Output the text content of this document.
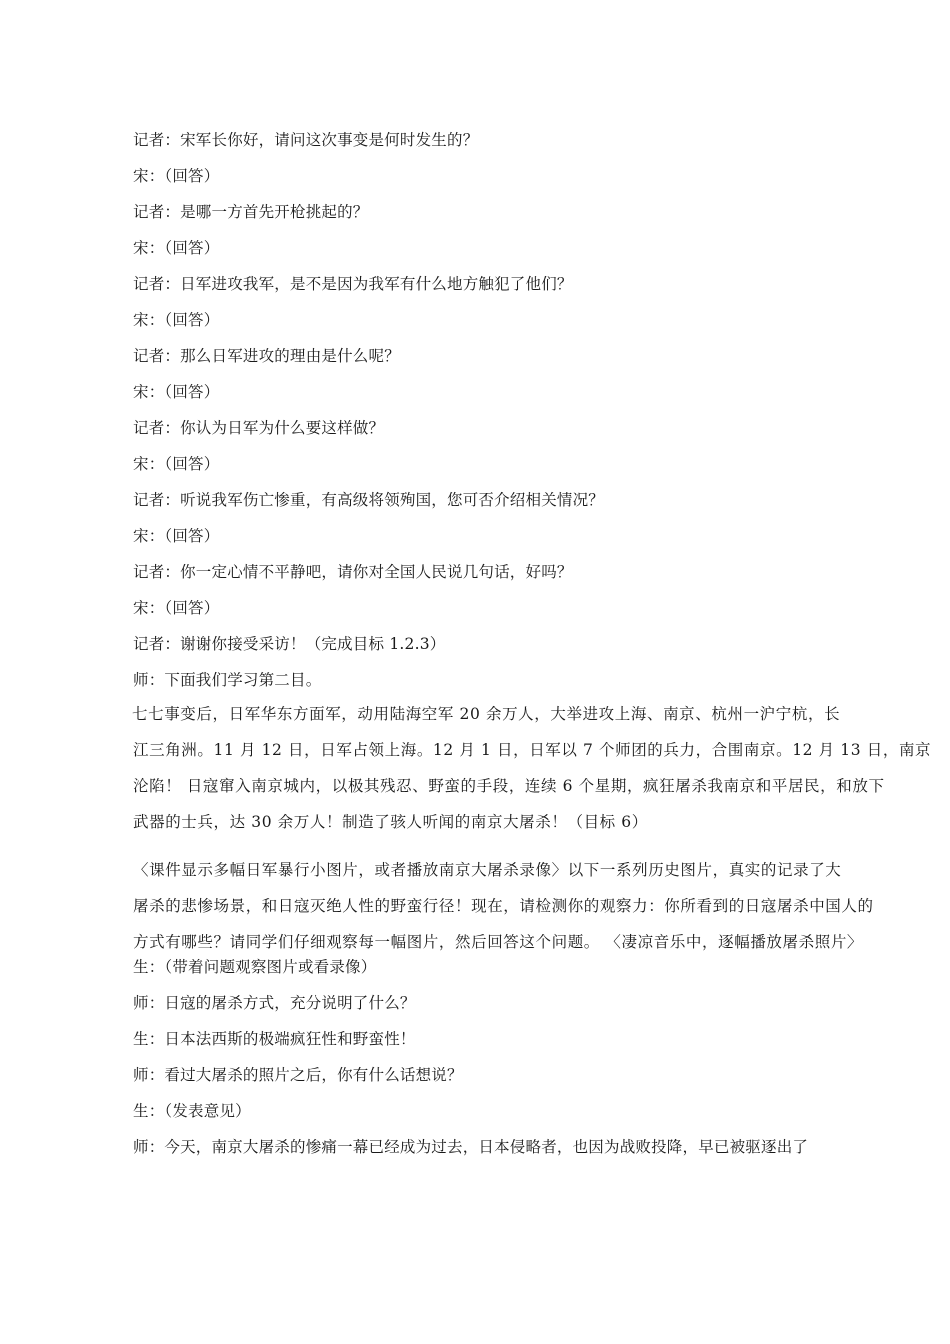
记者：宋军长你好，请问这次事变是何时发生的？
宋：（回答）
记者：是哪一方首先开枪挑起的？
宋：（回答）
记者：日军进攻我军，是不是因为我军有什么地方触犯了他们？
宋：（回答）
记者：那么日军进攻的理由是什么呢？
宋：（回答）
记者：你认为日军为什么要这样做？
宋：（回答）
记者：听说我军伤亡惨重，有高级将领殉国，您可否介绍相关情况？
宋：（回答）
记者：你一定心情不平静吧，请你对全国人民说几句话，好吗？
宋：（回答）
记者：谢谢你接受采访！（完成目标 1.2.3）
师：下面我们学习第二目。
七七事变后，日军华东方面军，动用陆海空军 20 余万人，大举进攻上海、南京、杭州一沪宁杭，长
江三角洲。11 月 12 日，日军占领上海。12 月 1 日，日军以 7 个师团的兵力，合围南京。12 月 13 日，南京
沦陷！ 日寇窜入南京城内，以极其残忍、野蛮的手段，连续 6 个星期，疯狂屠杀我南京和平居民，和放下
武器的士兵，达 30 余万人！制造了骇人听闻的南京大屠杀！（目标 6）
〈课件显示多幅日军暴行小图片，或者播放南京大屠杀录像〉以下一系列历史图片，真实的记录了大
屠杀的悲惨场景，和日寇灭绝人性的野蛮行径！现在，请检测你的观察力：你所看到的日寇屠杀中国人的
方式有哪些？请同学们仔细观察每一幅图片，然后回答这个问题。 〈凄凉音乐中，逐幅播放屠杀照片〉
生：（带着问题观察图片或看录像）
师：日寇的屠杀方式，充分说明了什么？
生：日本法西斯的极端疯狂性和野蛮性！
师：看过大屠杀的照片之后，你有什么话想说？
生：（发表意见）
师：今天，南京大屠杀的惨痛一幕已经成为过去，日本侵略者，也因为战败投降，早已被驱逐出了
